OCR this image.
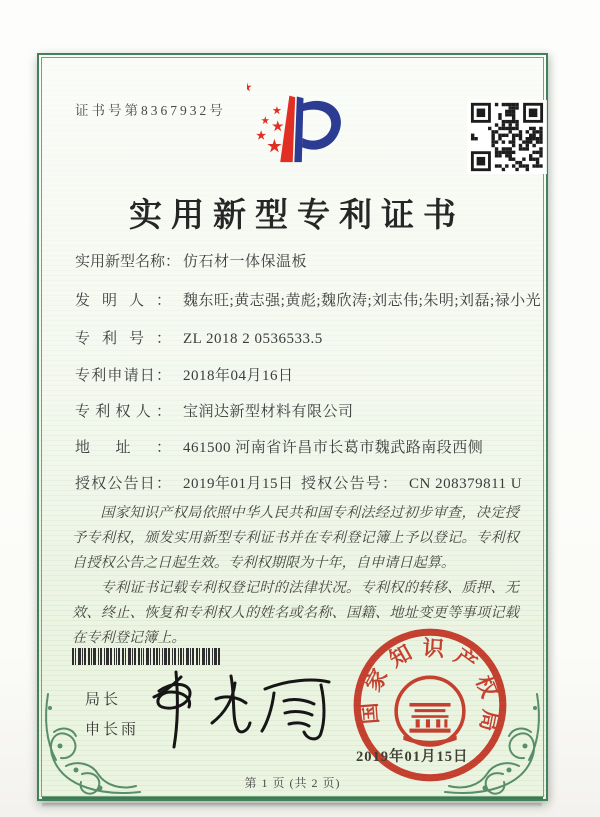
证书号第8367932号
实用新型专利证书
实用新型名称： 仿石材一体保温板
发明人： 魏东旺;黄志强;黄彪;魏欣涛;刘志伟;朱明;刘磊;禄小光
专利号： ZL 2018 2 0536533.5
专利申请日： 2018年04月16日
专利权人： 宝润达新型材料有限公司
地址： 461500 河南省许昌市长葛市魏武路南段西侧
授权公告日： 2019年01月15日 授权公告号： CN 208379811 U

国家知识产权局依照中华人民共和国专利法经过初步审查，决定授予专利权，颁发实用新型专利证书并在专利登记簿上予以登记。专利权自授权公告之日起生效。专利权期限为十年，自申请日起算。

专利证书记载专利权登记时的法律状况。专利权的转移、质押、无效、终止、恢复和专利权人的姓名或名称、国籍、地址变更等事项记载在专利登记簿上。

局长
申长雨
国家知识产权局
2019年01月15日
第 1 页 (共 2 页)
